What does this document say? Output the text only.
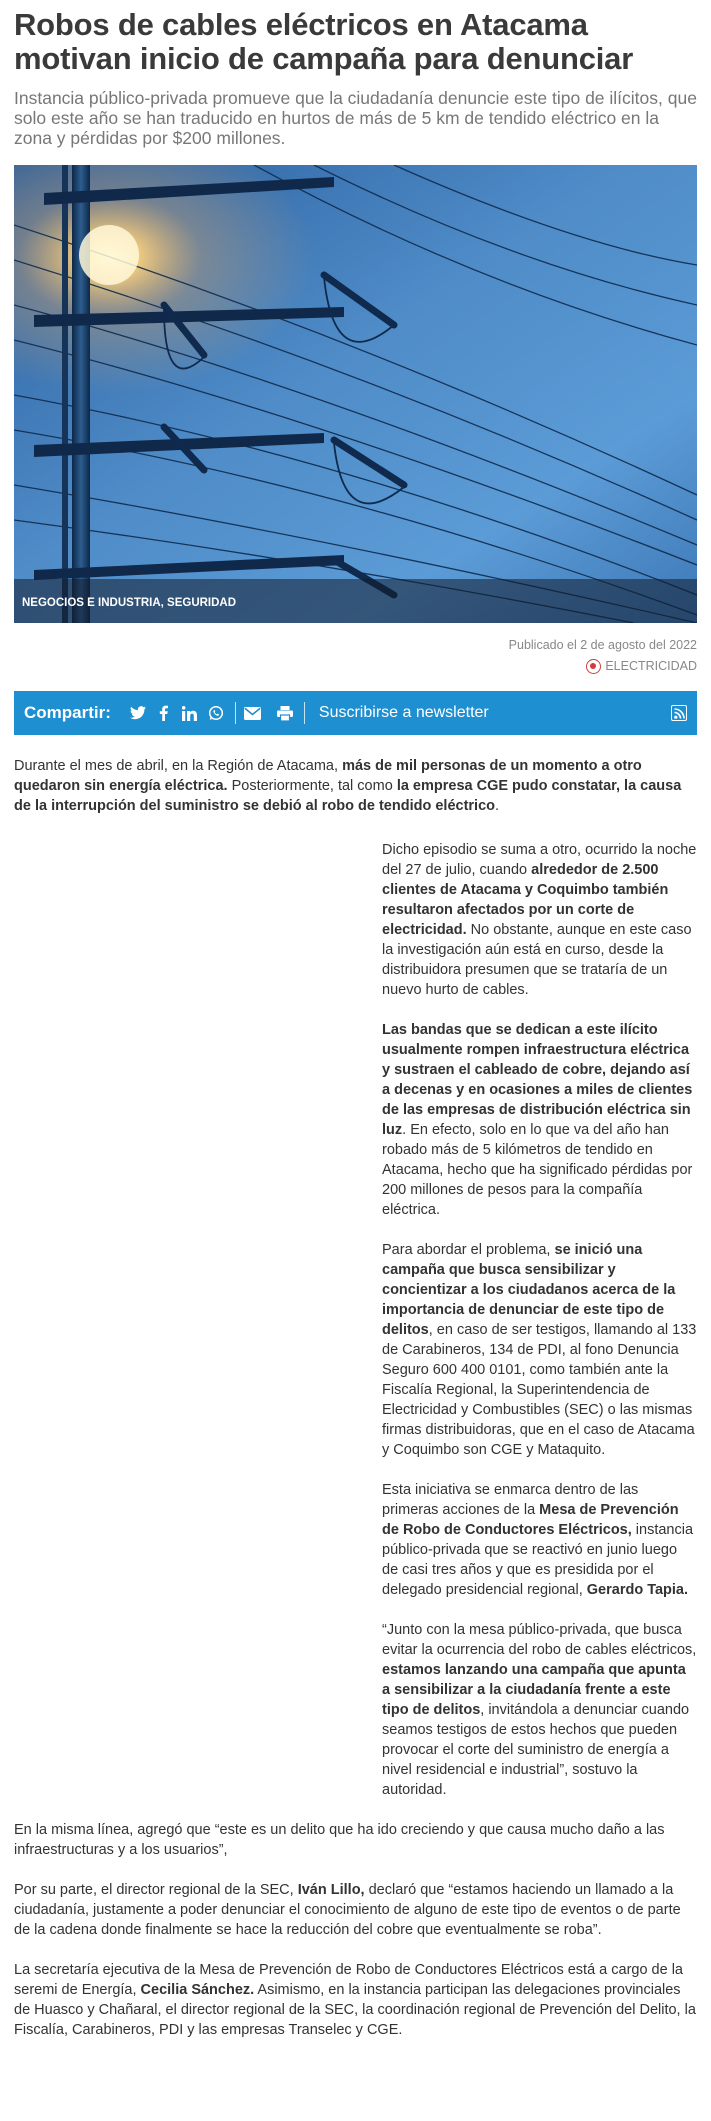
Robos de cables eléctricos en Atacama motivan inicio de campaña para denunciar

Instancia público-privada promueve que la ciudadanía denuncie este tipo de ilícitos, que solo este año se han traducido en hurtos de más de 5 km de tendido eléctrico en la zona y pérdidas por $200 millones.

NEGOCIOS E INDUSTRIA, SEGURIDAD
Publicado el 2 de agosto del 2022
ELECTRICIDAD
Compartir:	Suscribirse a newsletter

Durante el mes de abril, en la Región de Atacama, más de mil personas de un momento a otro quedaron sin energía eléctrica. Posteriormente, tal como la empresa CGE pudo constatar, la causa de la interrupción del suministro se debió al robo de tendido eléctrico.

Dicho episodio se suma a otro, ocurrido la noche del 27 de julio, cuando alrededor de 2.500 clientes de Atacama y Coquimbo también resultaron afectados por un corte de electricidad. No obstante, aunque en este caso la investigación aún está en curso, desde la distribuidora presumen que se trataría de un nuevo hurto de cables.

Las bandas que se dedican a este ilícito usualmente rompen infraestructura eléctrica y sustraen el cableado de cobre, dejando así a decenas y en ocasiones a miles de clientes de las empresas de distribución eléctrica sin luz. En efecto, solo en lo que va del año han robado más de 5 kilómetros de tendido en Atacama, hecho que ha significado pérdidas por 200 millones de pesos para la compañía eléctrica.

Para abordar el problema, se inició una campaña que busca sensibilizar y concientizar a los ciudadanos acerca de la importancia de denunciar de este tipo de delitos, en caso de ser testigos, llamando al 133 de Carabineros, 134 de PDI, al fono Denuncia Seguro 600 400 0101, como también ante la Fiscalía Regional, la Superintendencia de Electricidad y Combustibles (SEC) o las mismas firmas distribuidoras, que en el caso de Atacama y Coquimbo son CGE y Mataquito.

Esta iniciativa se enmarca dentro de las primeras acciones de la Mesa de Prevención de Robo de Conductores Eléctricos, instancia público-privada que se reactivó en junio luego de casi tres años y que es presidida por el delegado presidencial regional, Gerardo Tapia.

“Junto con la mesa público-privada, que busca evitar la ocurrencia del robo de cables eléctricos, estamos lanzando una campaña que apunta a sensibilizar a la ciudadanía frente a este tipo de delitos, invitándola a denunciar cuando seamos testigos de estos hechos que pueden provocar el corte del suministro de energía a nivel residencial e industrial”, sostuvo la autoridad.

En la misma línea, agregó que “este es un delito que ha ido creciendo y que causa mucho daño a las infraestructuras y a los usuarios”,

Por su parte, el director regional de la SEC, Iván Lillo, declaró que “estamos haciendo un llamado a la ciudadanía, justamente a poder denunciar el conocimiento de alguno de este tipo de eventos o de parte de la cadena donde finalmente se hace la reducción del cobre que eventualmente se roba”.

La secretaría ejecutiva de la Mesa de Prevención de Robo de Conductores Eléctricos está a cargo de la seremi de Energía, Cecilia Sánchez. Asimismo, en la instancia participan las delegaciones provinciales de Huasco y Chañaral, el director regional de la SEC, la coordinación regional de Prevención del Delito, la Fiscalía, Carabineros, PDI y las empresas Transelec y CGE.
